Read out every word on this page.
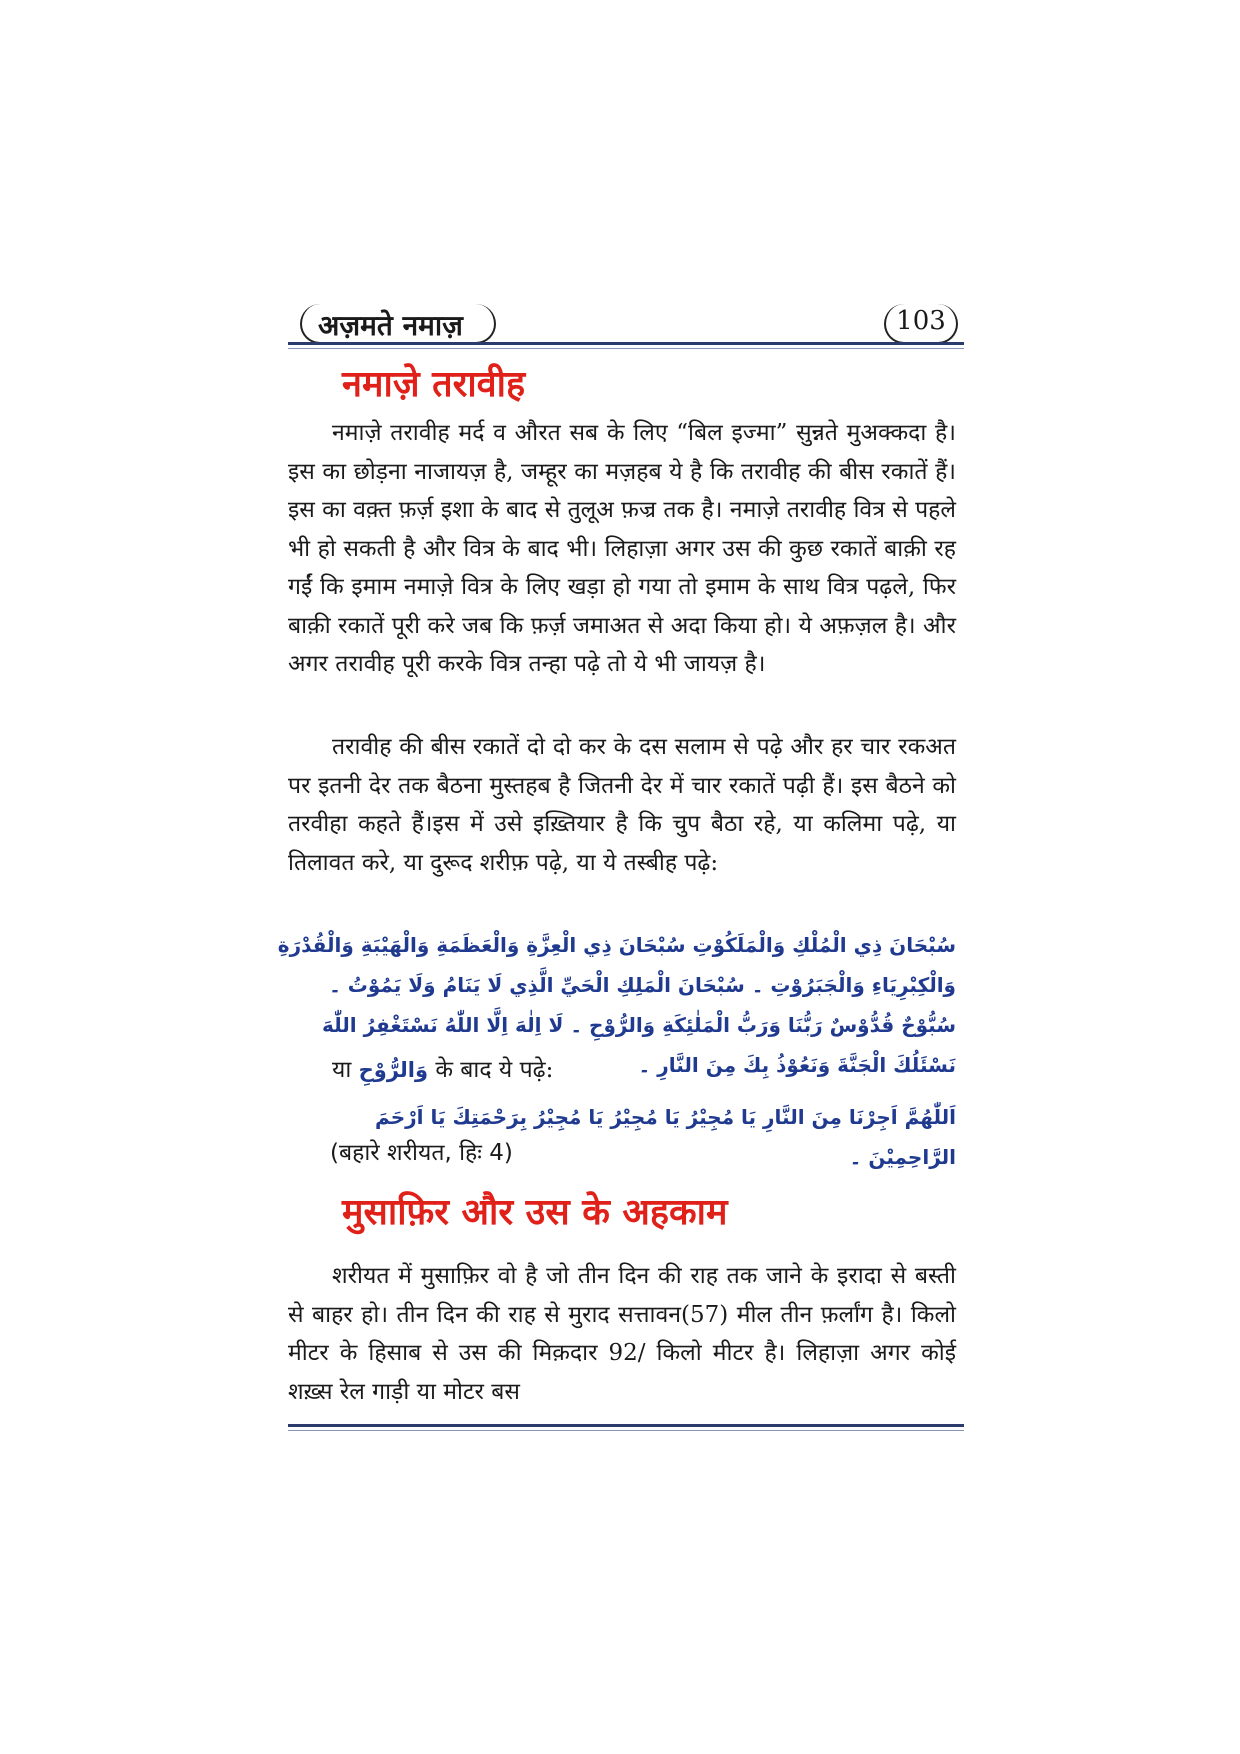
अज़मते नमाज़	103
नमाज़े तरावीह
नमाज़े तरावीह मर्द व औरत सब के लिए “बिल इज्मा” सुन्नते मुअक्कदा है। इस का छोड़ना नाजायज़ है, जम्हूर का मज़हब ये है कि तरावीह की बीस रकातें हैं। इस का वक़्त फ़र्ज़ इशा के बाद से तुलूअ फ़ज्र तक है। नमाज़े तरावीह वित्र से पहले भी हो सकती है और वित्र के बाद भी। लिहाज़ा अगर उस की कुछ रकातें बाक़ी रह गईं कि इमाम नमाज़े वित्र के लिए खड़ा हो गया तो इमाम के साथ वित्र पढ़ले, फिर बाक़ी रकातें पूरी करे जब कि फ़र्ज़ जमाअत से अदा किया हो। ये अफ़ज़ल है। और अगर तरावीह पूरी करके वित्र तन्हा पढ़े तो ये भी जायज़ है।
तरावीह की बीस रकातें दो दो कर के दस सलाम से पढ़े और हर चार रकअत पर इतनी देर तक बैठना मुस्तहब है जितनी देर में चार रकातें पढ़ी हैं। इस बैठने को तरवीहा कहते हैं।इस में उसे इख़्तियार है कि चुप बैठा रहे, या कलिमा पढ़े, या तिलावत करे, या दुरूद शरीफ़ पढ़े, या ये तस्बीह पढ़े:
سُبْحَانَ ذِي الْمُلْكِ وَالْمَلَكُوْتِ سُبْحَانَ ذِي الْعِزَّةِ وَالْعَظَمَةِ وَالْهَيْبَةِ وَالْقُدْرَةِ وَالْكِبْرِيَاءِ وَالْجَبَرُوْتِ ۔ سُبْحَانَ الْمَلِكِ الْحَيِّ الَّذِي لَا يَنَامُ وَلَا يَمُوْتُ ۔ سُبُّوْحٌ قُدُّوْسٌ رَبُّنَا وَرَبُّ الْمَلٰئِكَةِ وَالرُّوْحِ ۔ لَا اِلٰهَ اِلَّا اللّٰهُ نَسْتَغْفِرُ اللّٰهَ نَسْئَلُكَ الْجَنَّةَ وَنَعُوْذُ بِكَ مِنَ النَّارِ ۔
या وَالرُّوْحِ के बाद ये पढ़े:
اَللّٰهُمَّ اَجِرْنَا مِنَ النَّارِ يَا مُجِيْرُ يَا مُجِيْرُ يَا مُجِيْرُ بِرَحْمَتِكَ يَا اَرْحَمَ الرَّاحِمِيْنَ ۔
(बहारे शरीयत, हिः 4)
मुसाफ़िर और उस के अहकाम
शरीयत में मुसाफ़िर वो है जो तीन दिन की राह तक जाने के इरादा से बस्ती से बाहर हो। तीन दिन की राह से मुराद सत्तावन(57) मील तीन फ़र्लांग है। किलो मीटर के हिसाब से उस की मिक़दार 92/ किलो मीटर है। लिहाज़ा अगर कोई शख़्स रेल गाड़ी या मोटर बस
